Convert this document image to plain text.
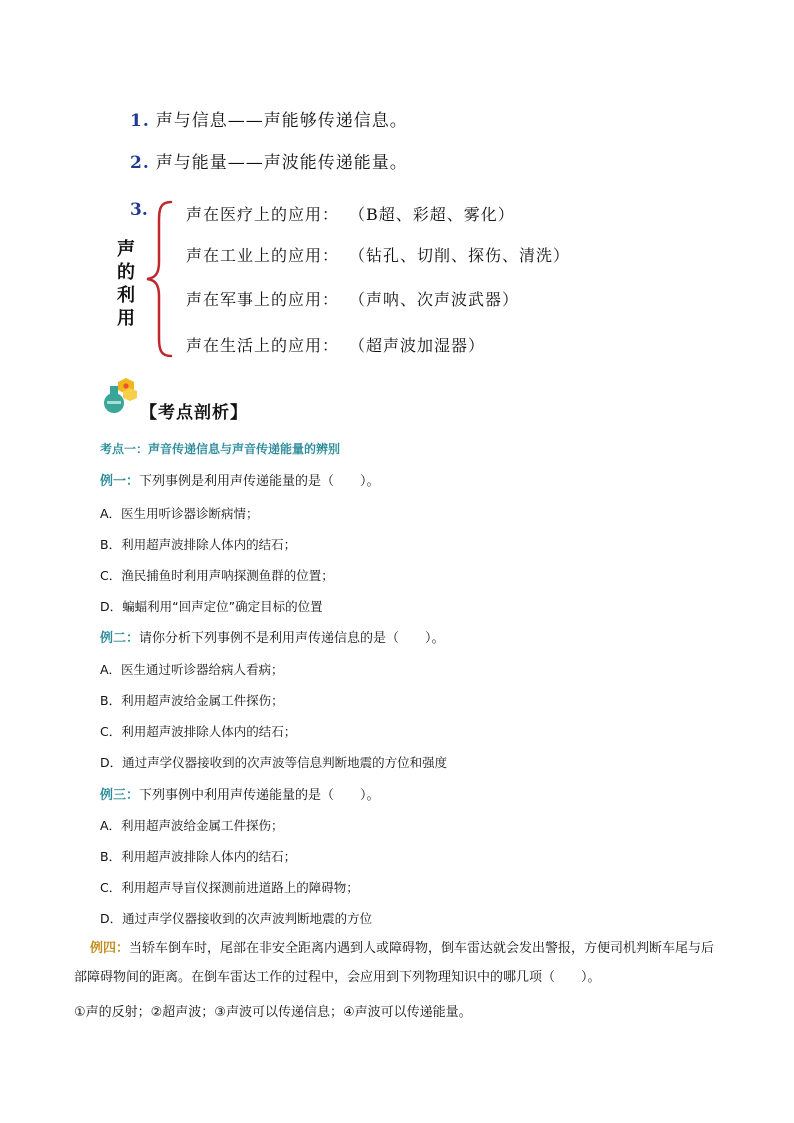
1. 声与信息——声能够传递信息。
2. 声与能量——声波能传递能量。
3.
声
的
利
用
声在医疗上的应用： （B超、彩超、雾化）
声在工业上的应用： （钻孔、切削、探伤、清洗）
声在军事上的应用： （声呐、次声波武器）
声在生活上的应用： （超声波加湿器）
【考点剖析】
考点一：声音传递信息与声音传递能量的辨别
例一：下列事例是利用声传递能量的是（　　）。
A．医生用听诊器诊断病情；
B．利用超声波排除人体内的结石；
C．渔民捕鱼时利用声呐探测鱼群的位置；
D．蝙蝠利用“回声定位”确定目标的位置
例二：请你分析下列事例不是利用声传递信息的是（　　）。
A．医生通过听诊器给病人看病；
B．利用超声波给金属工件探伤；
C．利用超声波排除人体内的结石；
D．通过声学仪器接收到的次声波等信息判断地震的方位和强度
例三：下列事例中利用声传递能量的是（　　）。
A．利用超声波给金属工件探伤；
B．利用超声波排除人体内的结石；
C．利用超声导盲仪探测前进道路上的障碍物；
D．通过声学仪器接收到的次声波判断地震的方位
例四：当轿车倒车时，尾部在非安全距离内遇到人或障碍物，倒车雷达就会发出警报，方便司机判断车尾与后部障碍物间的距离。在倒车雷达工作的过程中，会应用到下列物理知识中的哪几项（　　）。
①声的反射；②超声波；③声波可以传递信息；④声波可以传递能量。
